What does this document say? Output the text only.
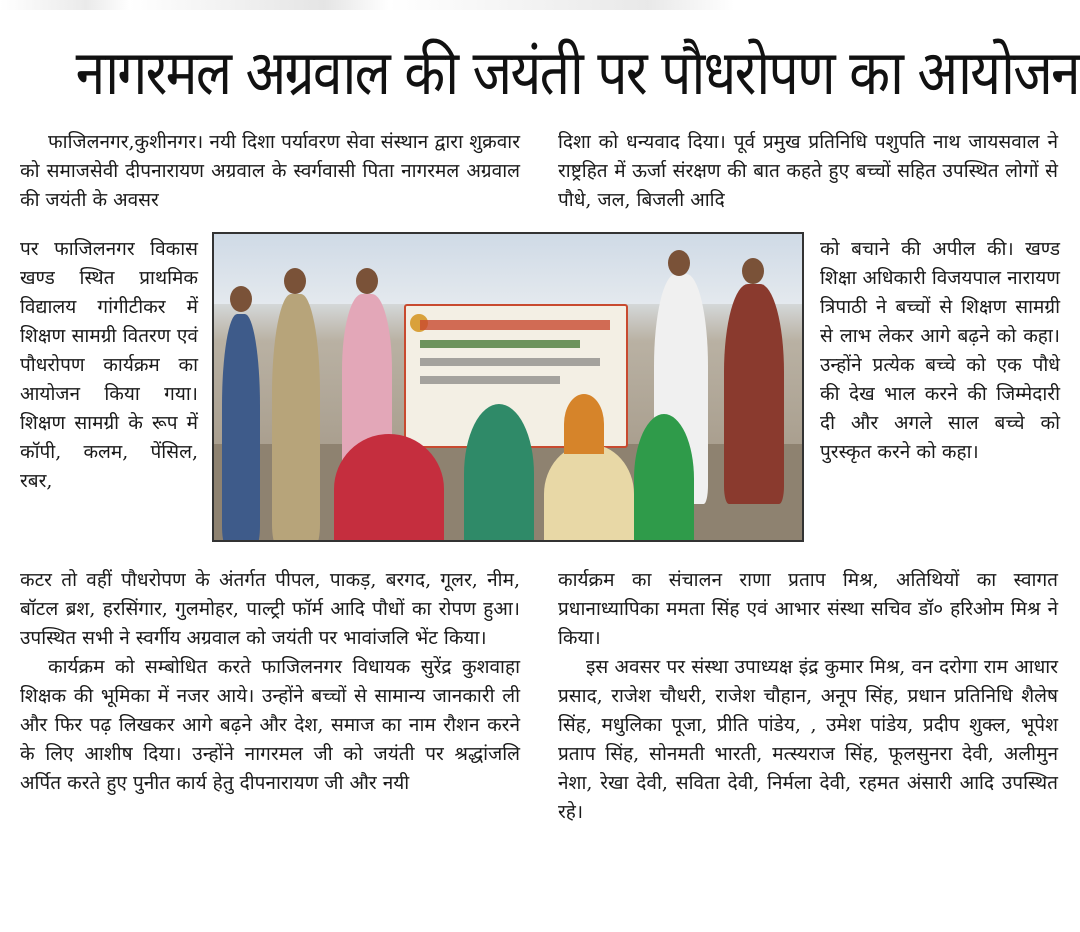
नागरमल अग्रवाल की जयंती पर पौधरोपण का आयोजन

फाजिलनगर,कुशीनगर। नयी दिशा पर्यावरण सेवा संस्थान द्वारा शुक्रवार को समाजसेवी दीपनारायण अग्रवाल के स्वर्गवासी पिता नागरमल अग्रवाल की जयंती के अवसर

पर फाजिलनगर विकास खण्ड स्थित प्राथमिक विद्यालय गांगीटीकर में शिक्षण सामग्री वितरण एवं पौधरोपण कार्यक्रम का आयोजन किया गया। शिक्षण सामग्री के रूप में कॉपी, कलम, पेंसिल, रबर,

कटर तो वहीं पौधरोपण के अंतर्गत पीपल, पाकड़, बरगद, गूलर, नीम, बॉटल ब्रश, हरसिंगार, गुलमोहर, पाल्ट्री फॉर्म आदि पौधों का रोपण हुआ। उपस्थित सभी ने स्वर्गीय अग्रवाल को जयंती पर भावांजलि भेंट किया।

कार्यक्रम को सम्बोधित करते फाजिलनगर विधायक सुरेंद्र कुशवाहा शिक्षक की भूमिका में नजर आये। उन्होंने बच्चों से सामान्य जानकारी ली और फिर पढ़ लिखकर आगे बढ़ने और देश, समाज का नाम रौशन करने के लिए आशीष दिया। उन्होंने नागरमल जी को जयंती पर श्रद्धांजलि अर्पित करते हुए पुनीत कार्य हेतु दीपनारायण जी और नयी

दिशा को धन्यवाद दिया। पूर्व प्रमुख प्रतिनिधि पशुपति नाथ जायसवाल ने राष्ट्रहित में ऊर्जा संरक्षण की बात कहते हुए बच्चों सहित उपस्थित लोगों से पौधे, जल, बिजली आदि

को बचाने की अपील की। खण्ड शिक्षा अधिकारी विजयपाल नारायण त्रिपाठी ने बच्चों से शिक्षण सामग्री से लाभ लेकर आगे बढ़ने को कहा। उन्होंने प्रत्येक बच्चे को एक पौधे की देख भाल करने की जिम्मेदारी दी और अगले साल बच्चे को पुरस्कृत करने को कहा।

कार्यक्रम का संचालन राणा प्रताप मिश्र, अतिथियों का स्वागत प्रधानाध्यापिका ममता सिंह एवं आभार संस्था सचिव डॉ० हरिओम मिश्र ने किया।

इस अवसर पर संस्था उपाध्यक्ष इंद्र कुमार मिश्र, वन दरोगा राम आधार प्रसाद, राजेश चौधरी, राजेश चौहान, अनूप सिंह, प्रधान प्रतिनिधि शैलेष सिंह, मधुलिका पूजा, प्रीति पांडेय, , उमेश पांडेय, प्रदीप शुक्ल, भूपेश प्रताप सिंह, सोनमती भारती, मत्स्यराज सिंह, फूलसुनरा देवी, अलीमुन नेशा, रेखा देवी, सविता देवी, निर्मला देवी, रहमत अंसारी आदि उपस्थित रहे।
